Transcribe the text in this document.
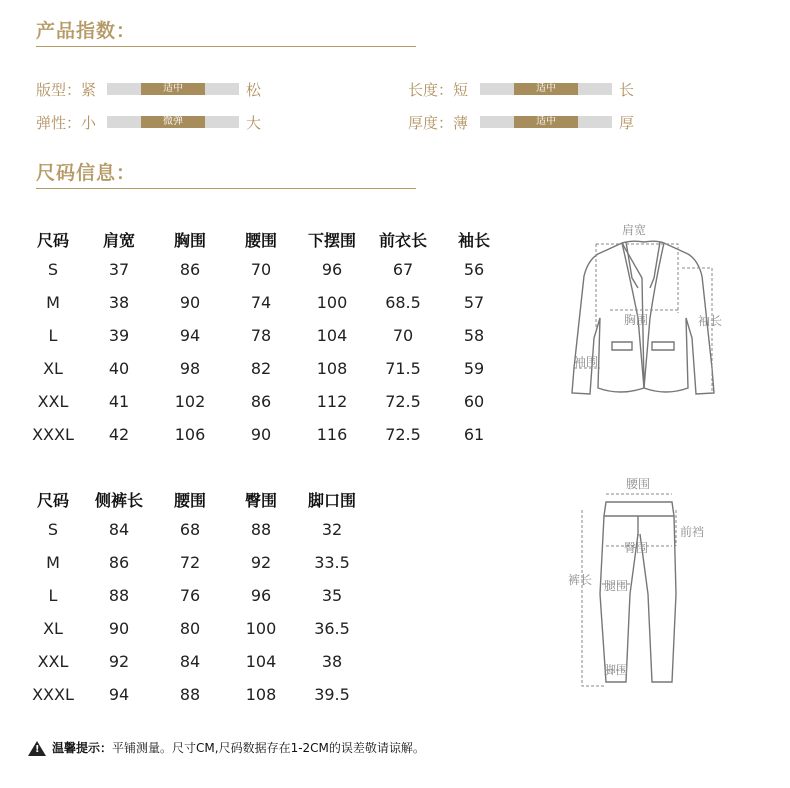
产品指数：
版型：紧	适中	松	长度：短	适中	长
弹性：小	微弹	大	厚度：薄	适中	厚
尺码信息：
尺码	肩宽	胸围	腰围	下摆围	前衣长	袖长
S	37	86	70	96	67	56
M	38	90	74	100	68.5	57
L	39	94	78	104	70	58
XL	40	98	82	108	71.5	59
XXL	41	102	86	112	72.5	60
XXXL	42	106	90	116	72.5	61
尺码	侧裤长	腰围	臀围	脚口围
S	84	68	88	32
M	86	72	92	33.5
L	88	76	96	35
XL	90	80	100	36.5
XXL	92	84	104	38
XXXL	94	88	108	39.5
肩宽
袖长
胸围
袖围
腰围
前裆
臀围
裤长 腿围
脚围
! 温馨提示：平铺测量。尺寸CM,尺码数据存在1-2CM的误差敬请谅解。
